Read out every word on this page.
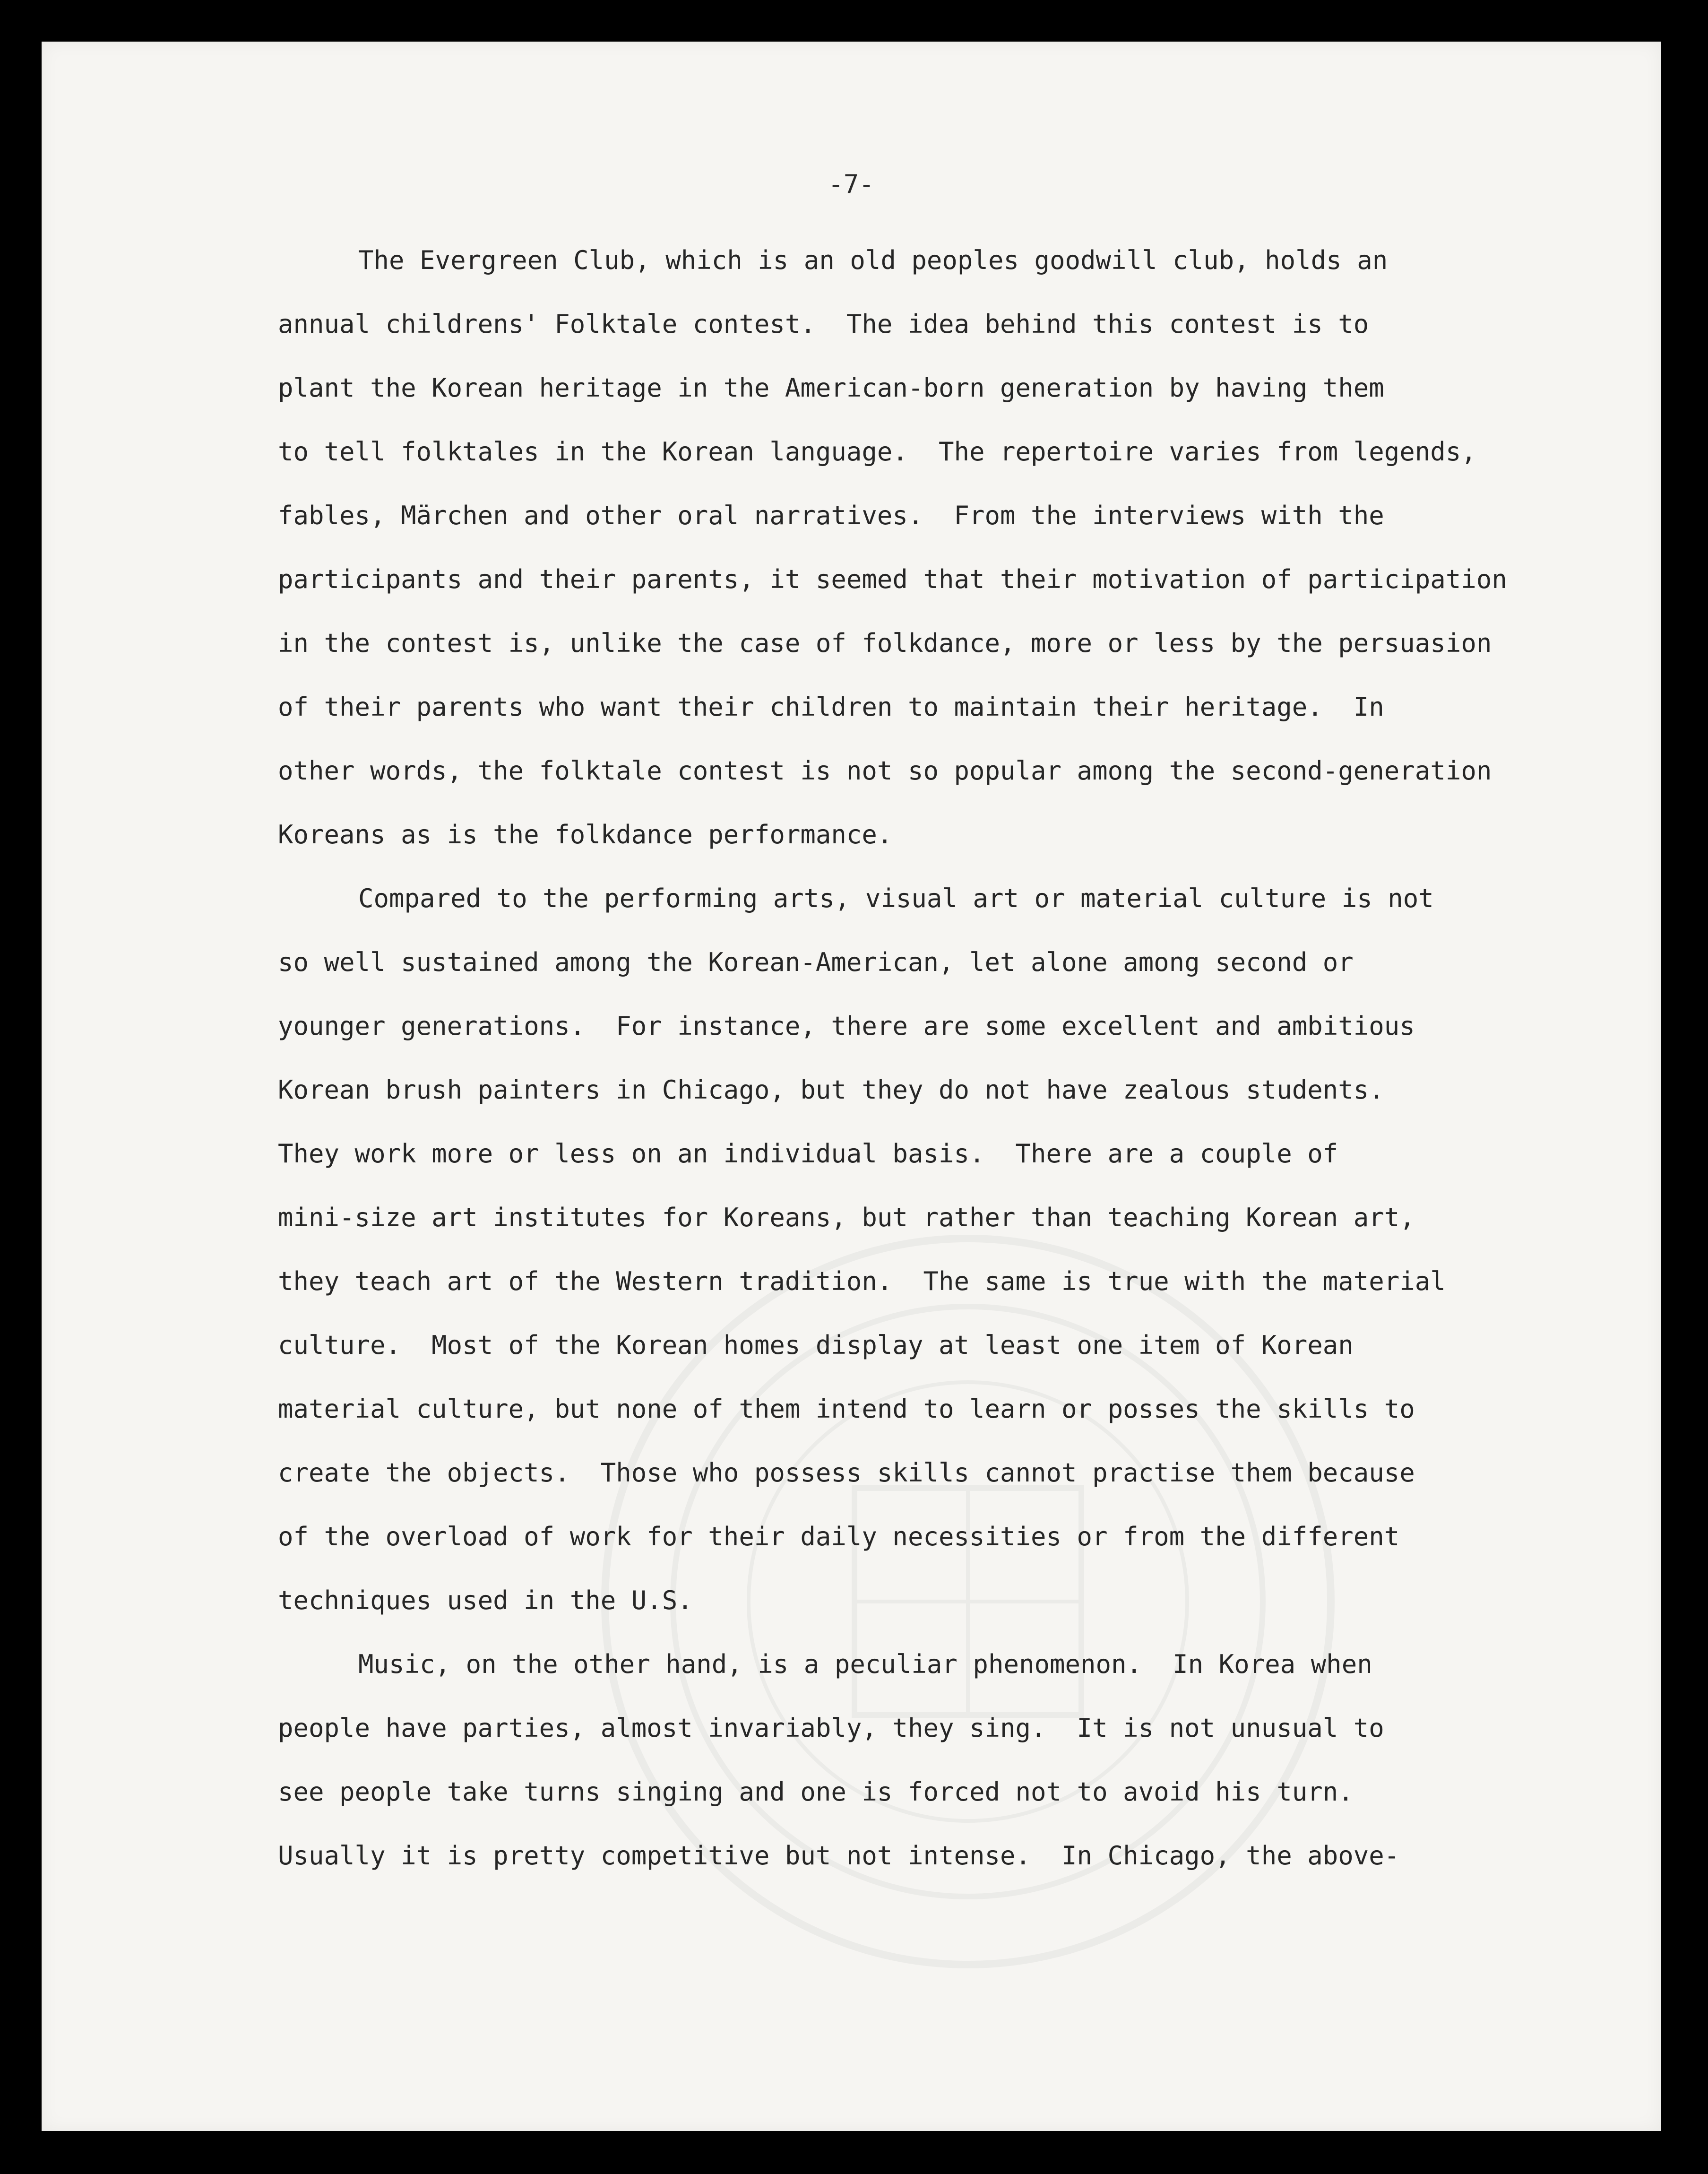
-7-

The Evergreen Club, which is an old peoples goodwill club, holds an
annual childrens' Folktale contest.  The idea behind this contest is to
plant the Korean heritage in the American-born generation by having them
to tell folktales in the Korean language.  The repertoire varies from legends,
fables, Märchen and other oral narratives.  From the interviews with the
participants and their parents, it seemed that their motivation of participation
in the contest is, unlike the case of folkdance, more or less by the persuasion
of their parents who want their children to maintain their heritage.  In
other words, the folktale contest is not so popular among the second-generation
Koreans as is the folkdance performance.
Compared to the performing arts, visual art or material culture is not
so well sustained among the Korean-American, let alone among second or
younger generations.  For instance, there are some excellent and ambitious
Korean brush painters in Chicago, but they do not have zealous students.
They work more or less on an individual basis.  There are a couple of
mini-size art institutes for Koreans, but rather than teaching Korean art,
they teach art of the Western tradition.  The same is true with the material
culture.  Most of the Korean homes display at least one item of Korean
material culture, but none of them intend to learn or posses the skills to
create the objects.  Those who possess skills cannot practise them because
of the overload of work for their daily necessities or from the different
techniques used in the U.S.
Music, on the other hand, is a peculiar phenomenon.  In Korea when
people have parties, almost invariably, they sing.  It is not unusual to
see people take turns singing and one is forced not to avoid his turn.
Usually it is pretty competitive but not intense.  In Chicago, the above-
